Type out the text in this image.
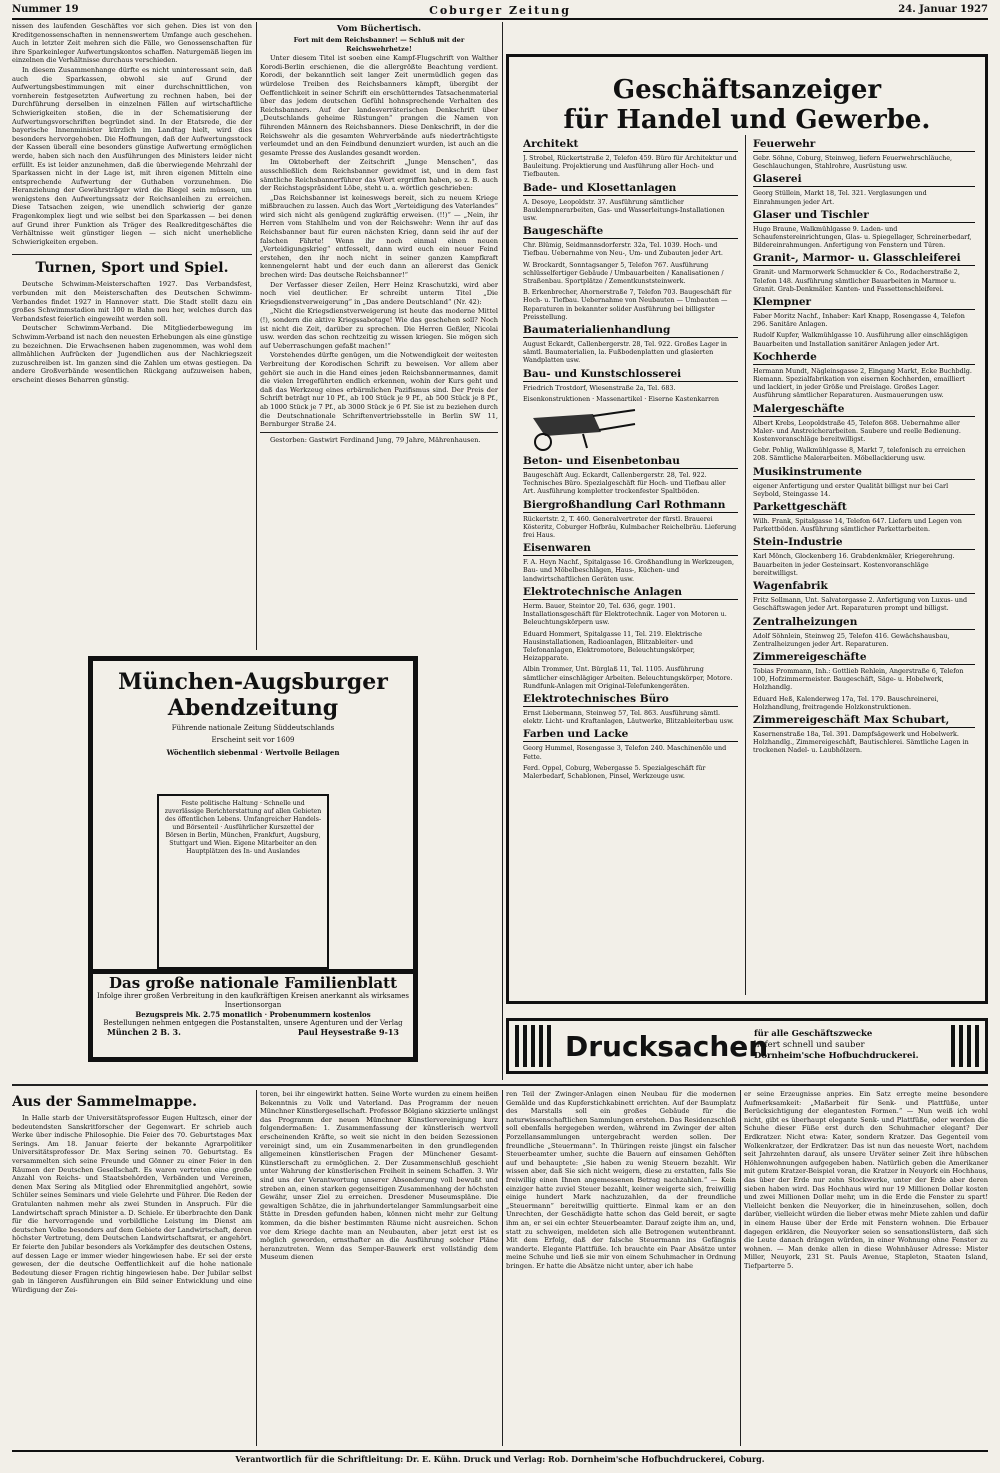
Nummer 19	Coburger Zeitung	24. Januar 1927

nissen des laufenden Geschäftes vor sich gehen. Dies ist von den Kreditgenossenschaften in nennenswertem Umfange auch geschehen. Auch in letzter Zeit mehren sich die Fälle, wo Genossenschaften für ihre Sparkeinleger Aufwertungskontos schaffen. Naturgemäß liegen im einzelnen die Verhältnisse durchaus verschieden.

In diesem Zusammenhange dürfte es nicht uninteressant sein, daß auch die Sparkassen, obwohl sie auf Grund der Aufwertungsbestimmungen mit einer durchschnittlichen, von vornherein festgesetzten Aufwertung zu rechnen haben, bei der Durchführung derselben in einzelnen Fällen auf wirtschaftliche Schwierigkeiten stoßen, die in der Schematisierung der Aufwertungsvorschriften begründet sind. In der Etatsrede, die der bayerische Innenminister kürzlich im Landtag hielt, wird dies besonders hervorgehoben. Die Hoffnungen, daß der Aufwertungsstock der Kassen überall eine besonders günstige Aufwertung ermöglichen werde, haben sich nach den Ausführungen des Ministers leider nicht erfüllt. Es ist leider anzunehmen, daß die überwiegende Mehrzahl der Sparkassen nicht in der Lage ist, mit ihren eigenen Mitteln eine entsprechende Aufwertung der Guthaben vorzunehmen. Die Heranziehung der Gewährsträger wird die Riegel sein müssen, um wenigstens den Aufwertungssatz der Reichsanleihen zu erreichen. Diese Tatsachen zeigen, wie unendlich schwierig der ganze Fragenkomplex liegt und wie selbst bei den Sparkassen — bei denen auf Grund ihrer Funktion als Träger des Realkreditgeschäftes die Verhältnisse weit günstiger liegen — sich nicht unerhebliche Schwierigkeiten ergeben.

Turnen, Sport und Spiel.

Deutsche Schwimm-Meisterschaften 1927. Das Verbandsfest, verbunden mit den Meisterschaften des Deutschen Schwimm-Verbandes findet 1927 in Hannover statt. Die Stadt stellt dazu ein großes Schwimmstadion mit 100 m Bahn neu her, welches durch das Verbandsfest feierlich eingeweiht werden soll.

Deutscher Schwimm-Verband. Die Mitgliederbewegung im Schwimm-Verband ist nach den neuesten Erhebungen als eine günstige zu bezeichnen. Die Erwachsenen haben zugenommen, was wohl dem allmählichen Aufrücken der Jugendlichen aus der Nachkriegszeit zuzuschreiben ist. Im ganzen sind die Zahlen um etwas gestiegen. Da andere Großverbände wesentlichen Rückgang aufzuweisen haben, erscheint dieses Beharren günstig.

Vom Büchertisch.
Fort mit dem Reichsbanner! — Schluß mit der Reichswehrhetze!

Unter diesem Titel ist soeben eine Kampf-Flugschrift von Walther Korodi-Berlin erschienen, die die allergrößte Beachtung verdient. Korodi, der bekanntlich seit langer Zeit unermüdlich gegen das würdelose Treiben des Reichsbanners kämpft, übergibt der Oeffentlichkeit in seiner Schrift ein erschütterndes Tatsachenmaterial über das jedem deutschen Gefühl hohnsprechende Verhalten des Reichsbanners. Auf der landesverräterischen Denkschrift über „Deutschlands geheime Rüstungen“ prangen die Namen von führenden Männern des Reichsbanners. Diese Denkschrift, in der die Reichswehr als die gesamten Wehrverbände aufs niederträchtigste verleumdet und an den Feindbund denunziert wurden, ist auch an die gesamte Presse des Auslandes gesandt worden.

Im Oktoberheft der Zeitschrift „Junge Menschen“, das ausschließlich dem Reichsbanner gewidmet ist, und in dem fast sämtliche Reichsbannerführer das Wort ergriffen haben, so z. B. auch der Reichstagspräsident Löbe, steht u. a. wörtlich geschrieben:

„Das Reichsbanner ist keineswegs bereit, sich zu neuem Kriege mißbrauchen zu lassen. Auch das Wort „Verteidigung des Vaterlandes“ wird sich nicht als genügend zugkräftig erweisen. (!!)“ — „Nein, ihr Herren vom Stahlhelm und von der Reichswehr: Wenn ihr auf das Reichsbanner baut für euren nächsten Krieg, dann seid ihr auf der falschen Fährte! Wenn ihr noch einmal einen neuen „Verteidigungskrieg“ entfesselt, dann wird euch ein neuer Feind erstehen, den ihr noch nicht in seiner ganzen Kampfkraft kennengelernt habt und der euch dann an allererst das Genick brechen wird: Das deutsche Reichsbanner!“

Der Verfasser dieser Zeilen, Herr Heinz Kraschutzki, wird aber noch viel deutlicher. Er schreibt unterm Titel „Die Kriegsdienstverweigerung“ in „Das andere Deutschland“ (Nr. 42):

„Nicht die Kriegsdienstverweigerung ist heute das moderne Mittel (!), sondern die aktive Kriegssabotage! Wie das geschehen soll? Noch ist nicht die Zeit, darüber zu sprechen. Die Herren Geßler, Nicolai usw. werden das schon rechtzeitig zu wissen kriegen. Sie mögen sich auf Ueberraschungen gefaßt machen!“

Vorstehendes dürfte genügen, um die Notwendigkeit der weitesten Verbreitung der Korodischen Schrift zu beweisen. Vor allem aber gehört sie auch in die Hand eines jeden Reichsbannermannes, damit die vielen Irregeführten endlich erkennen, wohin der Kurs geht und daß das Werkzeug eines erbärmlichen Pazifismus sind. Der Preis der Schrift beträgt nur 10 Pf., ab 100 Stück je 9 Pf., ab 500 Stück je 8 Pf., ab 1000 Stück je 7 Pf., ab 3000 Stück je 6 Pf. Sie ist zu beziehen durch die Deutschnationale Schriftenvertriebsstelle in Berlin SW 11, Bernburger Straße 24.

Gestorben: Gastwirt Ferdinand Jung, 79 Jahre, Mährenhausen.

München-Augsburger
Abendzeitung
Führende nationale Zeitung Süddeutschlands
Erscheint seit vor 1609
Wöchentlich siebenmal · Wertvolle Beilagen
Feste politische Haltung · Schnelle und zuverlässige Berichterstattung auf allen Gebieten des öffentlichen Lebens. Umfangreicher Handels- und Börsenteil · Ausführlicher Kurszettel der Börsen in Berlin, München, Frankfurt, Augsburg, Stuttgart und Wien. Eigene Mitarbeiter an den Hauptplätzen des In- und Auslandes
Das große nationale Familienblatt
Infolge ihrer großen Verbreitung in den kaufkräftigen Kreisen anerkannt als wirksames Insertionsorgan
Bezugspreis Mk. 2.75 monatlich · Probenummern kostenlos
Bestellungen nehmen entgegen die Postanstalten, unsere Agenturen und der Verlag
München 2 B. 3.	Paul Heysestraße 9-13
Geschäftsanzeiger
für Handel und Gewerbe.
Architekt
J. Strobel, Rückertstraße 2, Telefon 459. Büro für Architektur und Bauleitung. Projektierung und Ausführung aller Hoch- und Tiefbauten.
Bade- und Klosettanlagen
A. Desoye, Leopoldstr. 37. Ausführung sämtlicher Bauklempnerarbeiten, Gas- und Wasserleitungs-Installationen usw.
Baugeschäfte
Chr. Blümig, Seidmannsdorferstr. 32a, Tel. 1039. Hoch- und Tiefbau. Uebernahme von Neu-, Um- und Zubauten jeder Art.
W. Brockardt, Sonntagsanger 5, Telefon 767. Ausführung schlüsselfertiger Gebäude / Umbauarbeiten / Kanalisationen / Straßenbau. Sportplätze / Zementkunststeinwerk.
B. Erkenbrecher, Ahornerstraße 7, Telefon 703. Baugeschäft für Hoch- u. Tiefbau. Uebernahme von Neubauten — Umbauten — Reparaturen in bekannter solider Ausführung bei billigster Preisstellung.
Baumaterialienhandlung
August Eckardt, Callenbergerstr. 28, Tel. 922. Großes Lager in sämtl. Baumaterialien, la. Fußbodenplatten und glasierten Wandplatten usw.
Bau- und Kunstschlosserei
Friedrich Trostdorf, Wiesenstraße 2a, Tel. 683.
Eisenkonstruktionen · Massenartikel · Eiserne Kastenkarren
Beton- und Eisenbetonbau
Baugeschäft Aug. Eckardt, Callenbergerstr. 28, Tel. 922. Technisches Büro. Spezialgeschäft für Hoch- und Tiefbau aller Art. Ausführung kompletter trockenfester Spaltböden.
Biergroßhandlung Carl Rothmann
Rückertstr. 2, T. 460. Generalvertreter der fürstl. Brauerei Kösteritz, Coburger Hofbräu, Kulmbacher Reichelbräu. Lieferung frei Haus.
Eisenwaren
F. A. Heyn Nachf., Spitalgasse 16. Großhandlung in Werkzeugen, Bau- und Möbelbeschlägen, Haus-, Küchen- und landwirtschaftlichen Geräten usw.
Elektrotechnische Anlagen
Herm. Bauer, Steintor 20, Tel. 636, gegr. 1901. Installationsgeschäft für Elektrotechnik. Lager von Motoren u. Beleuchtungskörpern usw.
Eduard Hommert, Spitalgasse 11, Tel. 219. Elektrische Hausinstallationen, Radioanlagen, Blitzableiter- und Telefonanlagen, Elektromotore, Beleuchtungskörper, Heizapparate.
Albin Trommer, Unt. Bürglaß 11, Tel. 1105. Ausführung sämtlicher einschlägiger Arbeiten. Beleuchtungskörper, Motore. Rundfunk-Anlagen mit Original-Telefunkengeräten.
Elektrotechnisches Büro
Ernst Liebermann, Steinweg 57, Tel. 863. Ausführung sämtl. elektr. Licht- und Kraftanlagen, Läutwerke, Blitzableiterbau usw.
Farben und Lacke
Georg Hummel, Rosengasse 3, Telefon 240. Maschinenöle und Fette.
Ferd. Oppel, Coburg, Webergasse 5. Spezialgeschäft für Malerbedarf, Schablonen, Pinsel, Werkzeuge usw.
Feuerwehr
Gebr. Söhne, Coburg, Steinweg, liefern Feuerwehrschläuche, Geschlauchungen, Stahlrohre, Ausrüstung usw.
Glaserei
Georg Stüllein, Markt 18, Tel. 321. Verglasungen und Einrahmungen jeder Art.
Glaser und Tischler
Hugo Braune, Walkmühlgasse 9. Laden- und Schaufenstereinrichtungen, Glas- u. Spiegellager, Schreinerbedarf, Bildereinrahmungen. Anfertigung von Fenstern und Türen.
Granit-, Marmor- u. Glasschleiferei
Granit- und Marmorwerk Schmuckler & Co., Rodacherstraße 2, Telefon 148. Ausführung sämtlicher Bauarbeiten in Marmor u. Granit. Grab-Denkmäler. Kanten- und Fassettenschleiferei.
Klempner
Faber Moritz Nachf., Inhaber: Karl Knapp, Rosengasse 4, Telefon 296. Sanitäre Anlagen.
Rudolf Kupfer, Walkmühlgasse 10. Ausführung aller einschlägigen Bauarbeiten und Installation sanitärer Anlagen jeder Art.
Kochherde
Hermann Mundt, Nägleinsgasse 2, Eingang Markt, Ecke Buchbdlg. Riemann. Spezialfabrikation von eisernen Kochherden, emailliert und lackiert, in jeder Größe und Preislage. Großes Lager. Ausführung sämtlicher Reparaturen. Ausmauerungen usw.
Malergeschäfte
Albert Krebs, Leopoldstraße 45, Telefon 868. Uebernahme aller Maler- und Anstreicherarbeiten. Saubere und reelle Bedienung. Kostenvoranschläge bereitwilligst.
Gebr. Pohlig, Walkmühlgasse 8, Markt 7, telefonisch zu erreichen 208. Sämtliche Malerarbeiten. Möbellackierung usw.
Musikinstrumente
eigener Anfertigung und erster Qualität billigst nur bei Carl Seybold, Steingasse 14.
Parkettgeschäft
Wilh. Frank, Spitalgasse 14, Telefon 647. Liefern und Legen von Parkettböden. Ausführung sämtlicher Parkettarbeiten.
Stein-Industrie
Karl Mönch, Glockenberg 16. Grabdenkmäler, Kriegerehrung. Bauarbeiten in jeder Gesteinsart. Kostenvoranschläge bereitwilligst.
Wagenfabrik
Fritz Sollmann, Unt. Salvatorgasse 2. Anfertigung von Luxus- und Geschäftswagen jeder Art. Reparaturen prompt und billigst.
Zentralheizungen
Adolf Söhnlein, Steinweg 25, Telefon 416. Gewächshausbau, Zentralheizungen jeder Art. Reparaturen.
Zimmereigeschäfte
Tobias Frommann, Inh.: Gottlieb Rehlein, Angerstraße 6, Telefon 100, Hofzimmermeister. Baugeschäft, Säge- u. Hobelwerk, Holzhandlg.
Eduard Heß, Kalenderweg 17a, Tel. 179. Bauschreinerei, Holzhandlung, freitragende Holzkonstruktionen.
Zimmereigeschäft Max Schubart,
Kasernenstraße 18a, Tel. 391. Dampfsägewerk und Hobelwerk. Holzhandlg., Zimmereigeschäft, Bautischlerei. Sämtliche Lagen in trockenen Nadel- u. Laubhölzern.
Drucksachen
für alle Geschäftszwecke
liefert schnell und sauber
Dornheim'sche Hofbuchdruckerei.
Aus der Sammelmappe.

In Halle starb der Universitätsprofessor Eugen Hultzsch, einer der bedeutendsten Sanskritforscher der Gegenwart. Er schrieb auch Werke über indische Philosophie. Die Feier des 70. Geburtstages Max Serings. Am 18. Januar feierte der bekannte Agrarpolitiker Universitätsprofessor Dr. Max Sering seinen 70. Geburtstag. Es versammelten sich seine Freunde und Gönner zu einer Feier in den Räumen der Deutschen Gesellschaft. Es waren vertreten eine große Anzahl von Reichs- und Staatsbehörden, Verbänden und Vereinen, denen Max Sering als Mitglied oder Ehrenmitglied angehört, sowie Schüler seines Seminars und viele Gelehrte und Führer. Die Reden der Gratulanten nahmen mehr als zwei Stunden in Anspruch. Für die Landwirtschaft sprach Minister a. D. Schiele. Er überbrachte den Dank für die hervorragende und vorbildliche Leistung im Dienst am deutschen Volke besonders auf dem Gebiete der Landwirtschaft, deren höchster Vertretung, dem Deutschen Landwirtschaftsrat, er angehört. Er feierte den Jubilar besonders als Vorkämpfer des deutschen Ostens, auf dessen Lage er immer wieder hingewiesen habe. Er sei der erste gewesen, der die deutsche Oeffentlichkeit auf die hohe nationale Bedeutung dieser Fragen richtig hingewiesen habe. Der Jubilar selbst gab in längeren Ausführungen ein Bild seiner Entwicklung und eine Würdigung der Zei-

toren, bei ihr eingewirkt hatten. Seine Worte wurden zu einem heißen Bekenntnis zu Volk und Vaterland. Das Programm der neuen Münchner Künstlergesellschaft. Professor Bölgiano skizzierte unlängst das Programm der neuen Münchner Künstlervereinigung kurz folgendermaßen: 1. Zusammenfassung der künstlerisch wertvoll erscheinenden Kräfte, so weit sie nicht in den beiden Sezessionen vereinigt sind, um ein Zusammenarbeiten in den grundlegenden allgemeinen künstlerischen Fragen der Münchener Gesamt-Künstlerschaft zu ermöglichen. 2. Der Zusammenschluß geschieht unter Wahrung der künstlerischen Freiheit in seinem Schaffen. 3. Wir sind uns der Verantwortung unserer Absonderung voll bewußt und streben an, einen starken gegenseitigen Zusammenhang der höchsten Gewähr, unser Ziel zu erreichen. Dresdener Museumspläne. Die gewaltigen Schätze, die in jahrhundertelanger Sammlungsarbeit eine Stätte in Dresden gefunden haben, können nicht mehr zur Geltung kommen, da die bisher bestimmten Räume nicht ausreichen. Schon vor dem Kriege dachte man an Neubauten, aber jetzt erst ist es möglich geworden, ernsthafter an die Ausführung solcher Pläne heranzutreten. Wenn das Semper-Bauwerk erst vollständig dem Museum dienen

ren Teil der Zwinger-Anlagen einen Neubau für die modernen Gemälde und das Kupferstichkabinett errichten. Auf der Baumplatz des Marstalls soll ein großes Gebäude für die naturwissenschaftlichen Sammlungen erstehen. Das Residenzschloß soll ebenfalls hergegeben werden, während im Zwinger der alten Porzellansammlungen untergebracht werden sollen. Der freundliche „Steuermann“. In Thüringen reiste jüngst ein falscher Steuerbeamter umher, suchte die Bauern auf einsamen Gehöften auf und behauptete: „Sie haben zu wenig Steuern bezahlt. Wir wissen aber, daß Sie sich nicht weigern, diese zu erstatten, falls Sie freiwillig einen Ihnen angemessenen Betrag nachzahlen.“ — Kein einziger hatte zuviel Steuer bezahlt, keiner weigerte sich, freiwillig einige hundert Mark nachzuzahlen, da der freundliche „Steuermann“ bereitwillig quittierte. Einmal kam er an den Unrechten, der Geschädigte hatte schon das Geld bereit, er sagte ihm an, er sei ein echter Steuerbeamter. Darauf zeigte ihm an, und, statt zu schweigen, meldeten sich alle Betrogenen wutentbrannt. Mit dem Erfolg, daß der falsche Steuermann ins Gefängnis wanderte. Elegante Plattfüße. Ich brauchte ein Paar Absätze unter meine Schuhe und ließ sie mir von einem Schuhmacher in Ordnung bringen. Er hatte die Absätze nicht unter, aber ich habe

er seine Erzeugnisse anpries. Ein Satz erregte meine besondere Aufmerksamkeit: „Maßarbeit für Senk- und Plattfüße, unter Berücksichtigung der elegantesten Formen.“ — Nun weiß ich wohl nicht, gibt es überhaupt elegante Senk- und Plattfüße, oder werden die Schuhe dieser Füße erst durch den Schuhmacher elegant? Der Erdkratzer. Nicht etwa: Kater, sondern Kratzer. Das Gegenteil vom Wolkenkratzer, der Erdkratzer. Das ist nun das neueste Wort, nachdem seit Jahrzehnten darauf, als unsere Urväter seiner Zeit ihre hübschen Höhlenwohnungen aufgegeben haben. Natürlich geben die Amerikaner mit gutem Kratzer-Beispiel voran, die Kratzer in Neuyork ein Hochhaus, das über der Erde nur zehn Stockwerke, unter der Erde aber deren sieben haben wird. Das Hochhaus wird nur 19 Millionen Dollar kosten und zwei Millionen Dollar mehr, um in die Erde die Fenster zu spart! Vielleicht benken die Neuyorker, die in hineinzusehen, sollen, doch darüber, vielleicht würden die lieber etwas mehr Miete zahlen und dafür in einem Hause über der Erde mit Fenstern wohnen. Die Erbauer dagegen erklären, die Neuyorker seien so sensationslüstern, daß sich die Leute danach drängen würden, in einer Wohnung ohne Fenster zu wohnen. — Man denke allen in diese Wohnhäuser Adresse: Mister Miller, Neuyork, 231 St. Pauls Avenue, Stapleton, Staaten Island, Tiefparterre 5.

Verantwortlich für die Schriftleitung: Dr. E. Kühn. Druck und Verlag: Rob. Dornheim'sche Hofbuchdruckerei, Coburg.
